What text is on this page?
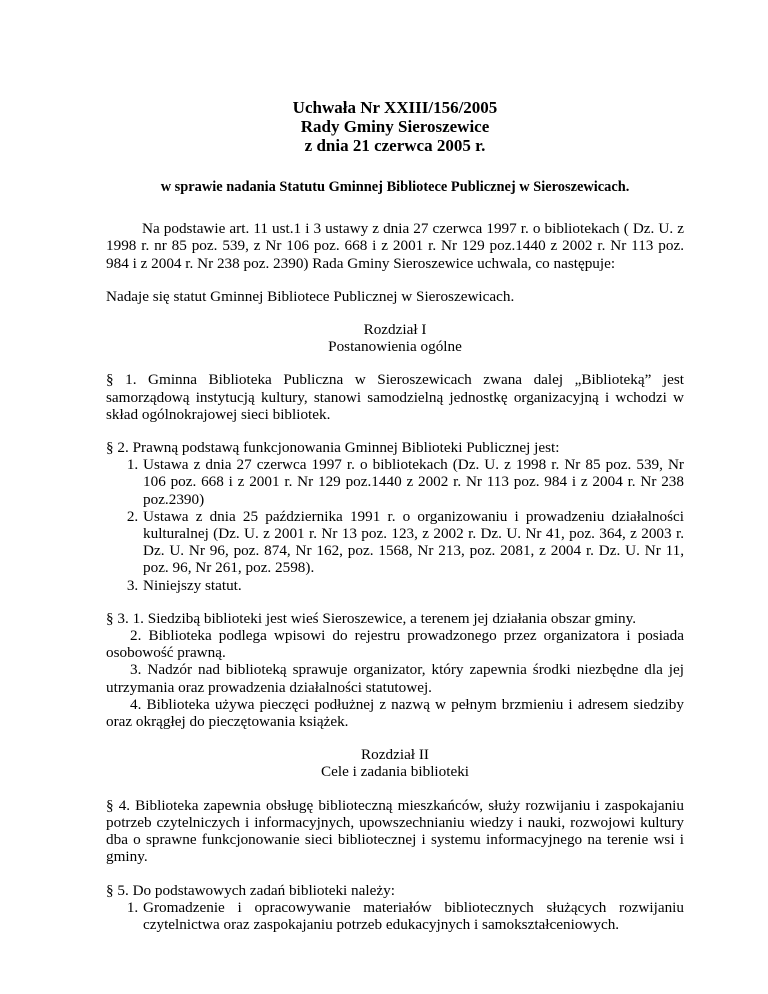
Uchwała Nr XXIII/156/2005
Rady Gminy Sieroszewice
z dnia 21 czerwca 2005 r.
w sprawie nadania Statutu Gminnej Bibliotece Publicznej w Sieroszewicach.

Na podstawie art. 11 ust.1 i 3 ustawy z dnia 27 czerwca 1997 r. o bibliotekach ( Dz. U. z 1998 r. nr 85 poz. 539, z Nr 106 poz. 668 i z 2001 r. Nr 129 poz.1440 z 2002 r. Nr 113 poz. 984 i z 2004 r. Nr 238 poz. 2390) Rada Gminy Sieroszewice uchwala, co następuje:

Nadaje się statut Gminnej Bibliotece Publicznej w Sieroszewicach.

Rozdział I
Postanowienia ogólne

§ 1. Gminna Biblioteka Publiczna w Sieroszewicach zwana dalej „Biblioteką” jest samorządową instytucją kultury, stanowi samodzielną jednostkę organizacyjną i wchodzi w skład ogólnokrajowej sieci bibliotek.

§ 2. Prawną podstawą funkcjonowania Gminnej Biblioteki Publicznej jest:

1. Ustawa z dnia 27 czerwca 1997 r. o bibliotekach (Dz. U. z 1998 r. Nr 85 poz. 539, Nr 106 poz. 668 i z 2001 r. Nr 129 poz.1440 z 2002 r. Nr 113 poz. 984 i z 2004 r. Nr 238 poz.2390)
2. Ustawa z dnia 25 października 1991 r. o organizowaniu i prowadzeniu działalności kulturalnej (Dz. U. z 2001 r. Nr 13 poz. 123, z 2002 r. Dz. U. Nr 41, poz. 364, z 2003 r. Dz. U. Nr 96, poz. 874, Nr 162, poz. 1568, Nr 213, poz. 2081, z 2004 r. Dz. U. Nr 11, poz. 96, Nr 261, poz. 2598).
3. Niniejszy statut.

§ 3. 1. Siedzibą biblioteki jest wieś Sieroszewice, a terenem jej działania obszar gminy.

2. Biblioteka podlega wpisowi do rejestru prowadzonego przez organizatora i posiada osobowość prawną.

3. Nadzór nad biblioteką sprawuje organizator, który zapewnia środki niezbędne dla jej utrzymania oraz prowadzenia działalności statutowej.

4. Biblioteka używa pieczęci podłużnej z nazwą w pełnym brzmieniu i adresem siedziby oraz okrągłej do pieczętowania książek.

Rozdział II
Cele i zadania biblioteki

§ 4. Biblioteka zapewnia obsługę biblioteczną mieszkańców, służy rozwijaniu i zaspokajaniu potrzeb czytelniczych i informacyjnych, upowszechnianiu wiedzy i nauki, rozwojowi kultury dba o sprawne funkcjonowanie sieci bibliotecznej i systemu informacyjnego na terenie wsi i gminy.

§ 5. Do podstawowych zadań biblioteki należy:

1. Gromadzenie i opracowywanie materiałów bibliotecznych służących rozwijaniu czytelnictwa oraz zaspokajaniu potrzeb edukacyjnych i samokształceniowych.
